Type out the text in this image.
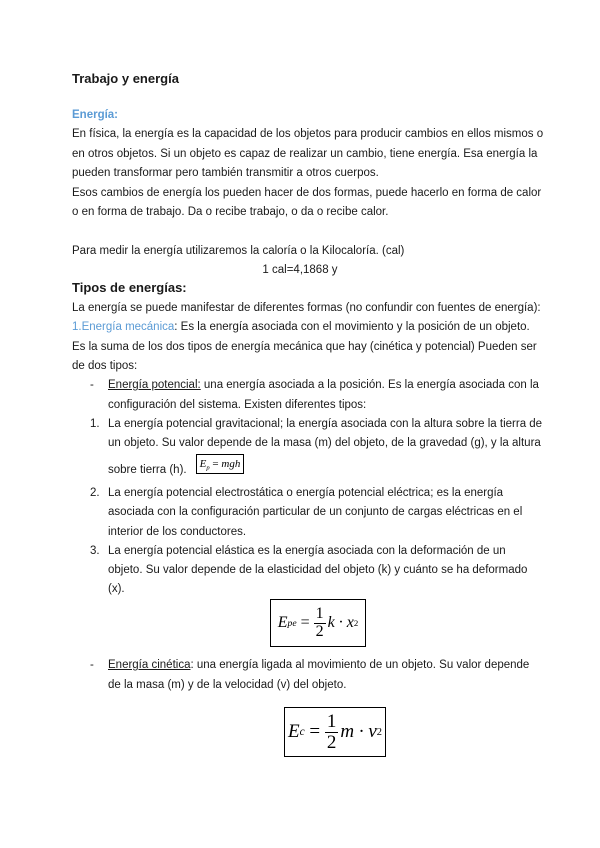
Trabajo y energía
Energía:
En física, la energía es la capacidad de los objetos para producir cambios en ellos mismos o
en otros objetos. Si un objeto es capaz de realizar un cambio, tiene energía. Esa energía la
pueden transformar pero también transmitir a otros cuerpos.
Esos cambios de energía los pueden hacer de dos formas, puede hacerlo en forma de calor
o en forma de trabajo. Da o recibe trabajo, o da o recibe calor.
Para medir la energía utilizaremos la caloría o la Kilocaloría. (cal)
1 cal=4,1868 y
Tipos de energías:
La energía se puede manifestar de diferentes formas (no confundir con fuentes de energía):
1.Energía mecánica: Es la energía asociada con el movimiento y la posición de un objeto.
Es la suma de los dos tipos de energía mecánica que hay (cinética y potencial) Pueden ser
de dos tipos:
- Energía potencial: una energía asociada a la posición. Es la energía asociada con la
configuración del sistema. Existen diferentes tipos:
1. La energía potencial gravitacional; la energía asociada con la altura sobre la tierra de
un objeto. Su valor depende de la masa (m) del objeto, de la gravedad (g), y la altura
sobre tierra (h).	$E_p$ = mgh
2. La energía potencial electrostática o energía potencial eléctrica; es la energía
asociada con la configuración particular de un conjunto de cargas eléctricas en el
interior de los conductores.
3. La energía potencial elástica es la energía asociada con la deformación de un
objeto. Su valor depende de la elasticidad del objeto (k) y cuánto se ha deformado
(x).
E pe = $\frac{1}{2}$ k · x 2
- Energía cinética: una energía ligada al movimiento de un objeto. Su valor depende
de la masa (m) y de la velocidad (v) del objeto.
E $c = \frac{1}{2}$ m · v 2
